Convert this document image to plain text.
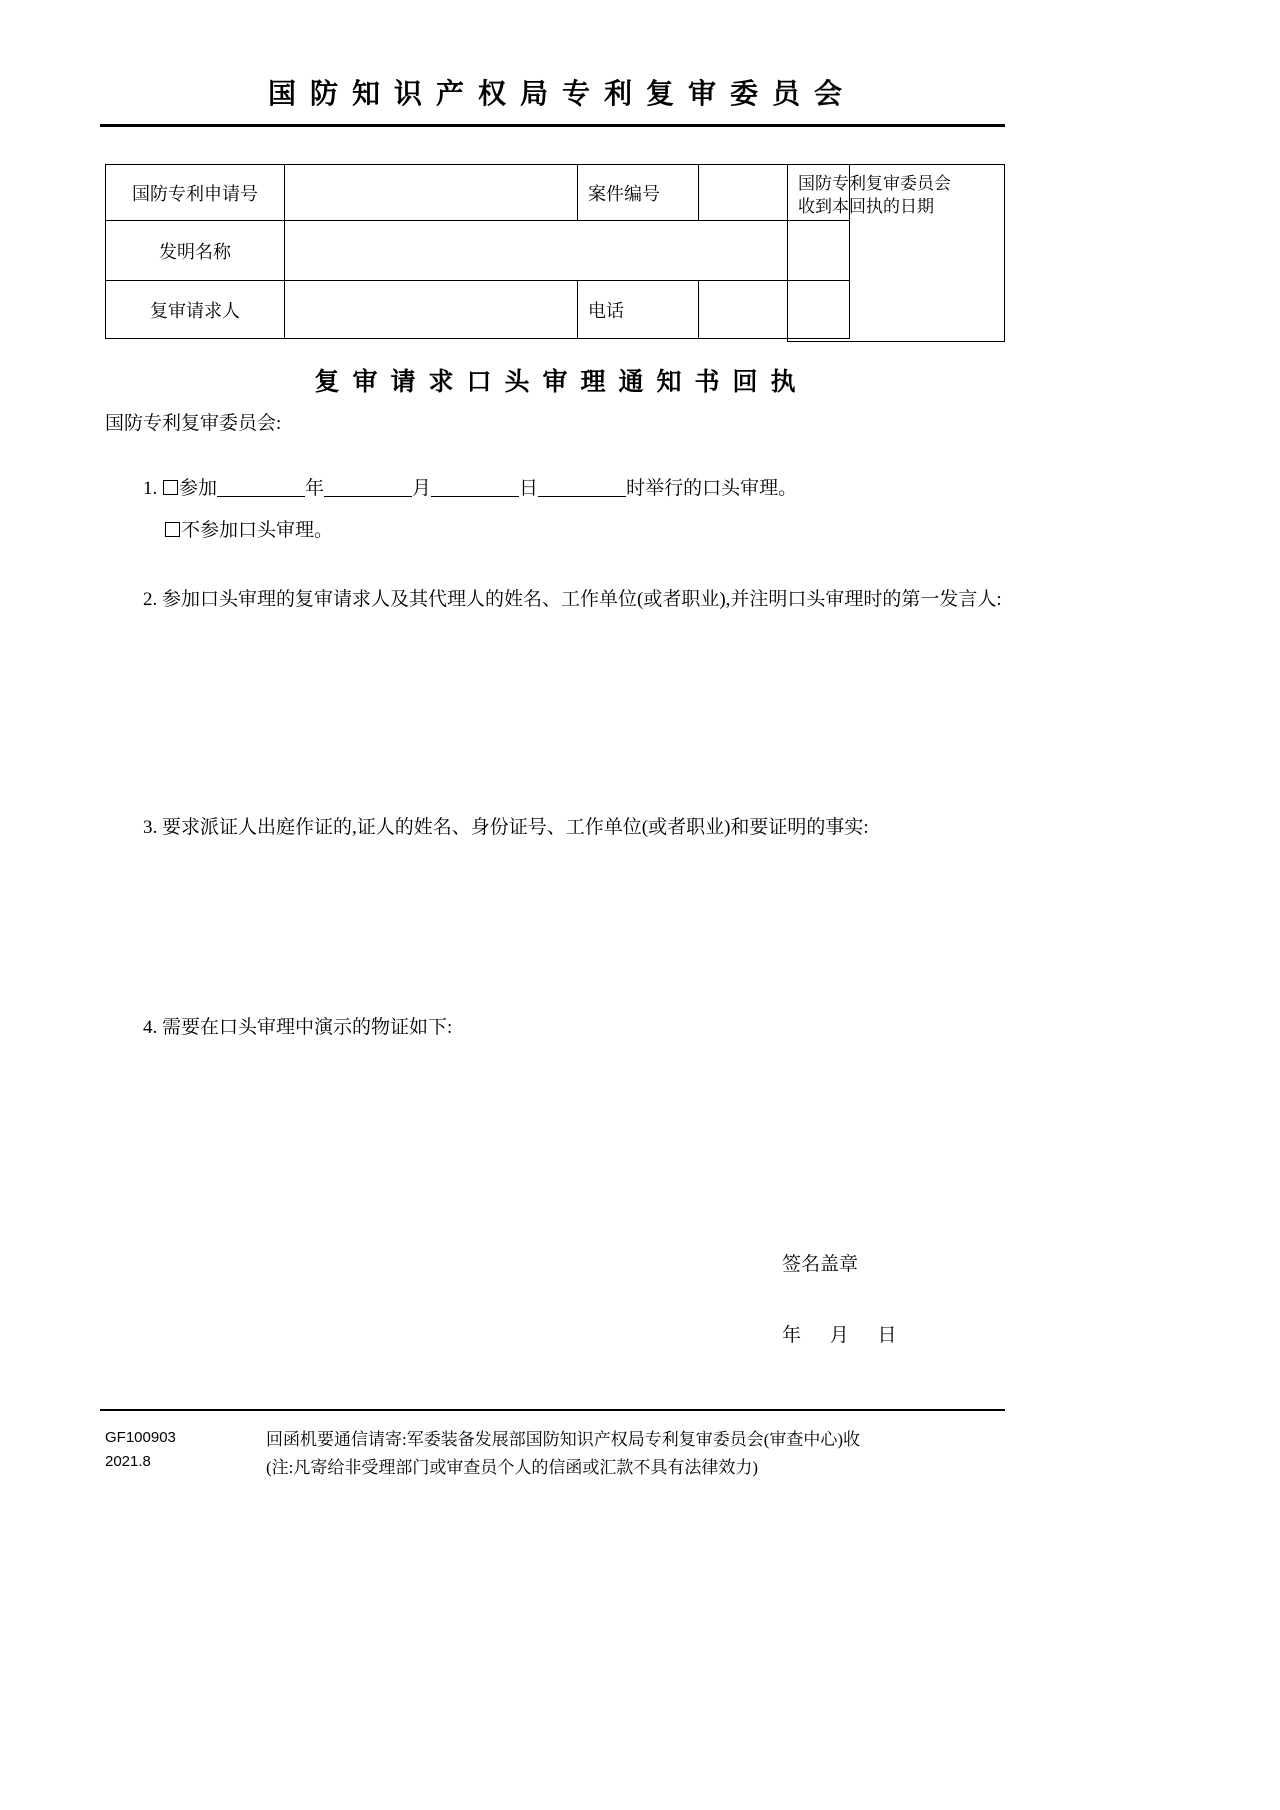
国防知识产权局专利复审委员会
国防专利申请号		案件编号	
发明名称			
复审请求人		电话	
国防专利复审委员会
收到本回执的日期
复审请求口头审理通知书回执
国防专利复审委员会:
1. 参加	年	月	日	时举行的口头审理。
不参加口头审理。
2. 参加口头审理的复审请求人及其代理人的姓名、工作单位(或者职业),并注明口头审理时的第一发言人:
3. 要求派证人出庭作证的,证人的姓名、身份证号、工作单位(或者职业)和要证明的事实:
4. 需要在口头审理中演示的物证如下:
签名盖章
年 月 日
GF100903
2021.8
回函机要通信请寄:军委装备发展部国防知识产权局专利复审委员会(审查中心)收
(注:凡寄给非受理部门或审查员个人的信函或汇款不具有法律效力)
